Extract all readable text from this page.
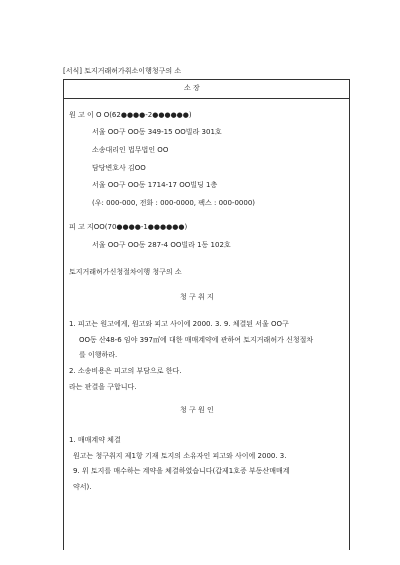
[서식] 토지거래허가취소이행청구의 소
소 장
원 고 이 O O(62●●●●-2●●●●●●)
서울 OO구 OO동 349-15 OO빌라 301호
소송대리인 법무법인 OO
담당변호사 김OO
서울 OO구 OO동 1714-17 OO빌딩 1층
(우: 000-000, 전화 : 000-0000, 팩스 : 000-0000)
피 고 지OO(70●●●●-1●●●●●●)
서울 OO구 OO동 287-4 OO빌라 1동 102호
토지거래허가신청절차이행 청구의 소
청 구 취 지
1. 피고는 원고에게, 원고와 피고 사이에 2000. 3. 9. 체결된 서울 OO구
OO동 산48-6 임야 397㎡에 대한 매매계약에 관하여 토지거래허가 신청절차
를 이행하라.
2. 소송비용은 피고의 부담으로 한다.
라는 판결을 구합니다.
청 구 원 인
1. 매매계약 체결
원고는 청구취지 제1항 기재 토지의 소유자인 피고와 사이에 2000. 3.
9. 위 토지를 매수하는 계약을 체결하였습니다(갑제1호증 부동산매매계
약서).
